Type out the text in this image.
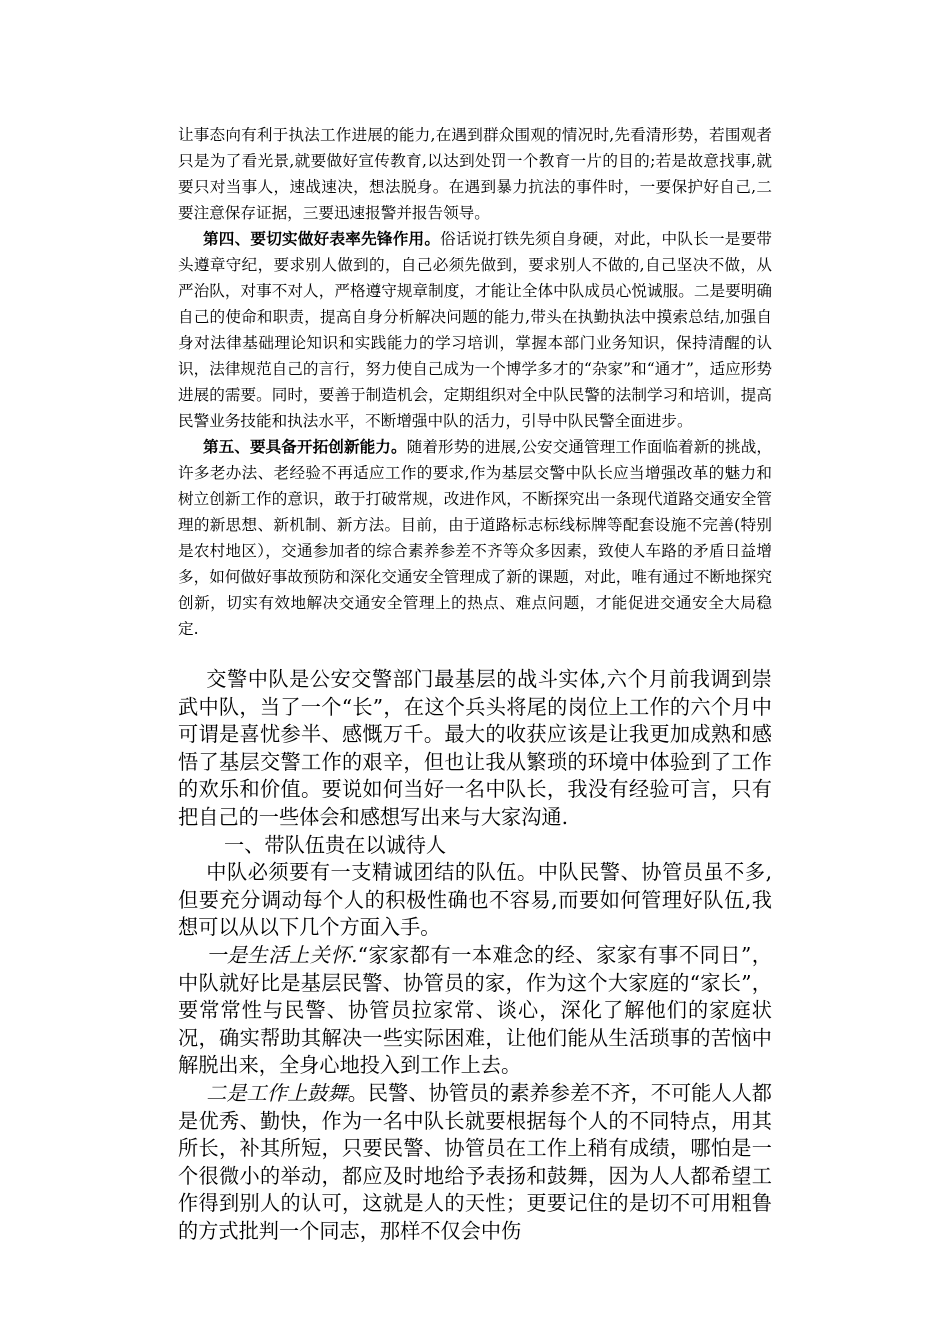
让事态向有利于执法工作进展的能力,在遇到群众围观的情况时,先看清形势，若围观者只是为了看光景,就要做好宣传教育,以达到处罚一个教育一片的目的;若是故意找事,就要只对当事人，速战速决，想法脱身。在遇到暴力抗法的事件时，一要保护好自己,二要注意保存证据，三要迅速报警并报告领导。

第四、要切实做好表率先锋作用。俗话说打铁先须自身硬，对此，中队长一是要带头遵章守纪，要求别人做到的，自己必须先做到，要求别人不做的,自己坚决不做，从严治队，对事不对人，严格遵守规章制度，才能让全体中队成员心悦诚服。二是要明确自己的使命和职责，提高自身分析解决问题的能力,带头在执勤执法中摸索总结,加强自身对法律基础理论知识和实践能力的学习培训，掌握本部门业务知识，保持清醒的认识，法律规范自己的言行，努力使自己成为一个博学多才的“杂家”和“通才”，适应形势进展的需要。同时，要善于制造机会，定期组织对全中队民警的法制学习和培训，提高民警业务技能和执法水平，不断增强中队的活力，引导中队民警全面进步。

第五、要具备开拓创新能力。随着形势的进展,公安交通管理工作面临着新的挑战，许多老办法、老经验不再适应工作的要求,作为基层交警中队长应当增强改革的魅力和树立创新工作的意识，敢于打破常规，改进作风，不断探究出一条现代道路交通安全管理的新思想、新机制、新方法。目前，由于道路标志标线标牌等配套设施不完善(特别是农村地区），交通参加者的综合素养参差不齐等众多因素，致使人车路的矛盾日益增多，如何做好事故预防和深化交通安全管理成了新的课题，对此，唯有通过不断地探究创新，切实有效地解决交通安全管理上的热点、难点问题，才能促进交通安全大局稳定.

交警中队是公安交警部门最基层的战斗实体,六个月前我调到崇武中队，当了一个“长”，在这个兵头将尾的岗位上工作的六个月中可谓是喜忧参半、感慨万千。最大的收获应该是让我更加成熟和感悟了基层交警工作的艰辛，但也让我从繁琐的环境中体验到了工作的欢乐和价值。要说如何当好一名中队长，我没有经验可言，只有把自己的一些体会和感想写出来与大家沟通.

一、带队伍贵在以诚待人

中队必须要有一支精诚团结的队伍。中队民警、协管员虽不多,但要充分调动每个人的积极性确也不容易,而要如何管理好队伍,我想可以从以下几个方面入手。

一是生活上关怀.“家家都有一本难念的经、家家有事不同日”，中队就好比是基层民警、协管员的家，作为这个大家庭的“家长”，要常常性与民警、协管员拉家常、谈心，深化了解他们的家庭状况，确实帮助其解决一些实际困难，让他们能从生活琐事的苦恼中解脱出来，全身心地投入到工作上去。

二是工作上鼓舞。民警、协管员的素养参差不齐，不可能人人都是优秀、勤快，作为一名中队长就要根据每个人的不同特点，用其所长，补其所短，只要民警、协管员在工作上稍有成绩，哪怕是一个很微小的举动，都应及时地给予表扬和鼓舞，因为人人都希望工作得到别人的认可，这就是人的天性；更要记住的是切不可用粗鲁的方式批判一个同志，那样不仅会中伤
